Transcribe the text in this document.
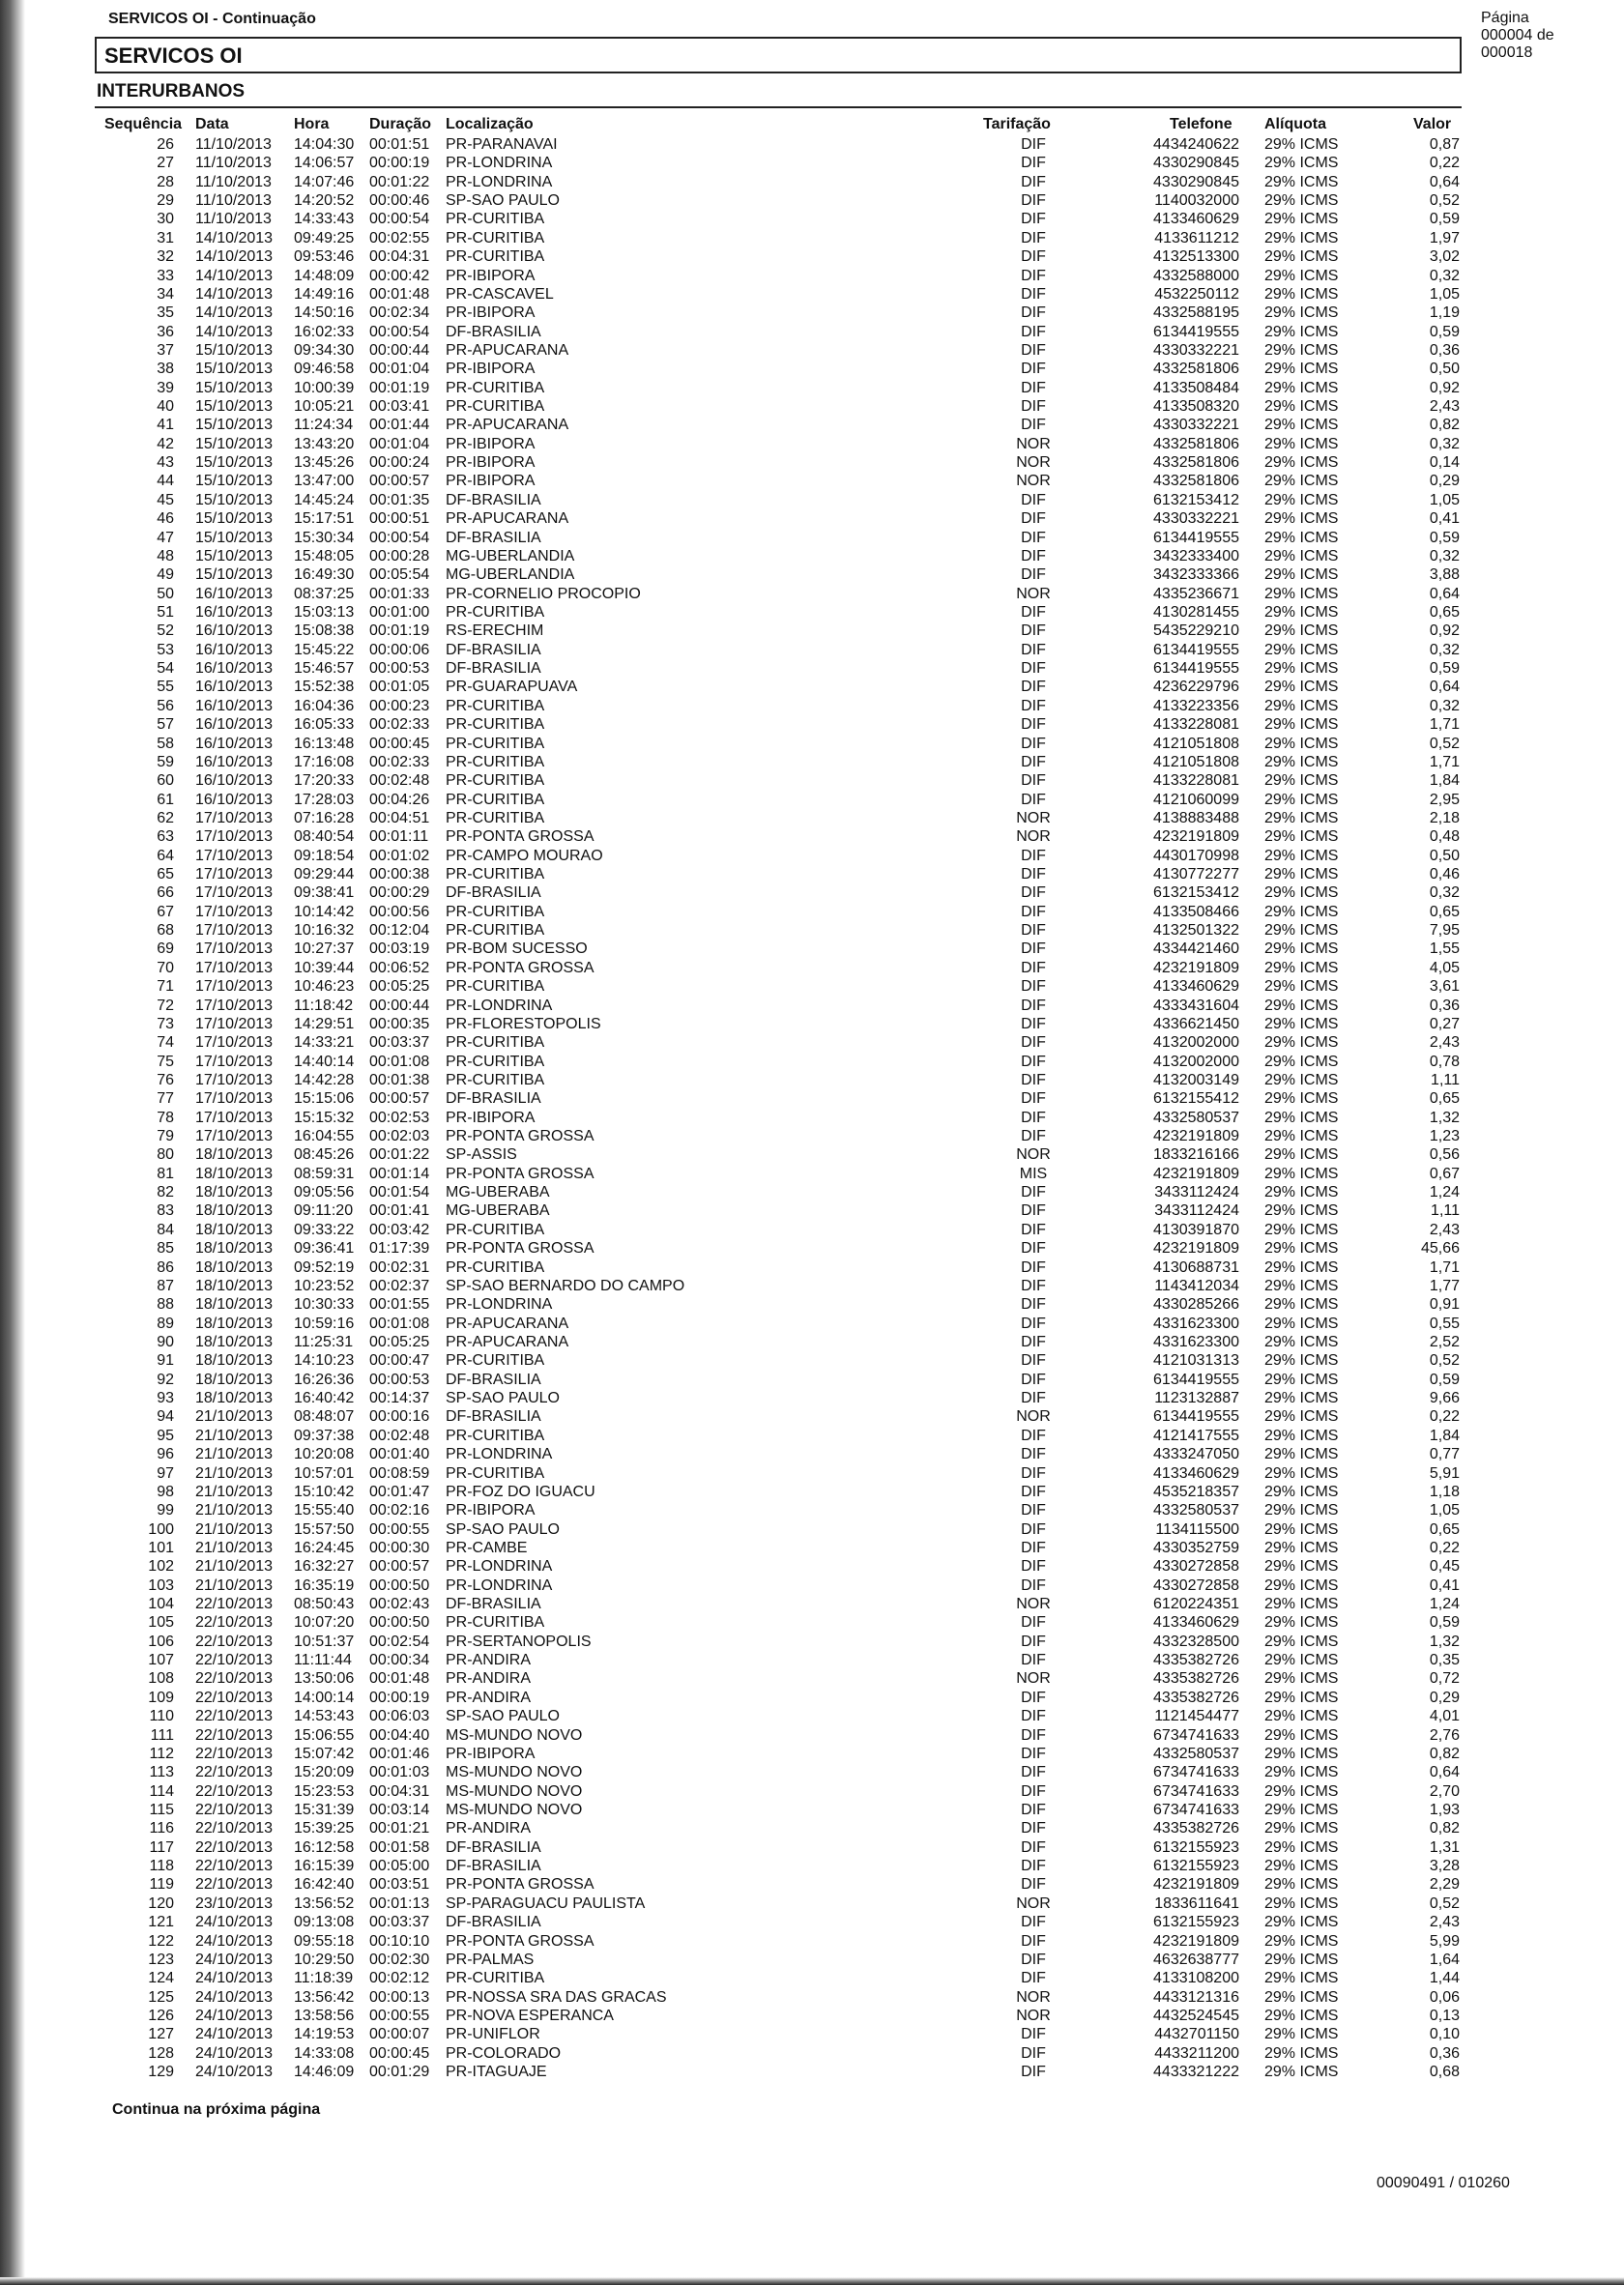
SERVICOS OI - Continuação
SERVICOS OI
Página
000004 de
000018
INTERURBANOS
Sequência Data	Hora	Duração Localização	Tarifação	Telefone Alíquota	Valor
26 11/10/2013 14:04:30 00:01:51 PR-PARANAVAI	DIF	4434240622 29% ICMS	0,87
27 11/10/2013 14:06:57 00:00:19 PR-LONDRINA	DIF	4330290845 29% ICMS	0,22
28 11/10/2013 14:07:46 00:01:22 PR-LONDRINA	DIF	4330290845 29% ICMS	0,64
29 11/10/2013 14:20:52 00:00:46 SP-SAO PAULO	DIF	1140032000 29% ICMS	0,52
30 11/10/2013 14:33:43 00:00:54 PR-CURITIBA	DIF	4133460629 29% ICMS	0,59
31 14/10/2013 09:49:25 00:02:55 PR-CURITIBA	DIF	4133611212 29% ICMS	1,97
32 14/10/2013 09:53:46 00:04:31 PR-CURITIBA	DIF	4132513300 29% ICMS	3,02
33 14/10/2013 14:48:09 00:00:42 PR-IBIPORA	DIF	4332588000 29% ICMS	0,32
34 14/10/2013 14:49:16 00:01:48 PR-CASCAVEL	DIF	4532250112 29% ICMS	1,05
35 14/10/2013 14:50:16 00:02:34 PR-IBIPORA	DIF	4332588195 29% ICMS	1,19
36 14/10/2013 16:02:33 00:00:54 DF-BRASILIA	DIF	6134419555 29% ICMS	0,59
37 15/10/2013 09:34:30 00:00:44 PR-APUCARANA	DIF	4330332221 29% ICMS	0,36
38 15/10/2013 09:46:58 00:01:04 PR-IBIPORA	DIF	4332581806 29% ICMS	0,50
39 15/10/2013 10:00:39 00:01:19 PR-CURITIBA	DIF	4133508484 29% ICMS	0,92
40 15/10/2013 10:05:21 00:03:41 PR-CURITIBA	DIF	4133508320 29% ICMS	2,43
41 15/10/2013 11:24:34 00:01:44 PR-APUCARANA	DIF	4330332221 29% ICMS	0,82
42 15/10/2013 13:43:20 00:01:04 PR-IBIPORA	NOR	4332581806 29% ICMS	0,32
43 15/10/2013 13:45:26 00:00:24 PR-IBIPORA	NOR	4332581806 29% ICMS	0,14
44 15/10/2013 13:47:00 00:00:57 PR-IBIPORA	NOR	4332581806 29% ICMS	0,29
45 15/10/2013 14:45:24 00:01:35 DF-BRASILIA	DIF	6132153412 29% ICMS	1,05
46 15/10/2013 15:17:51 00:00:51 PR-APUCARANA	DIF	4330332221 29% ICMS	0,41
47 15/10/2013 15:30:34 00:00:54 DF-BRASILIA	DIF	6134419555 29% ICMS	0,59
48 15/10/2013 15:48:05 00:00:28 MG-UBERLANDIA	DIF	3432333400 29% ICMS	0,32
49 15/10/2013 16:49:30 00:05:54 MG-UBERLANDIA	DIF	3432333366 29% ICMS	3,88
50 16/10/2013 08:37:25 00:01:33 PR-CORNELIO PROCOPIO	NOR	4335236671 29% ICMS	0,64
51 16/10/2013 15:03:13 00:01:00 PR-CURITIBA	DIF	4130281455 29% ICMS	0,65
52 16/10/2013 15:08:38 00:01:19 RS-ERECHIM	DIF	5435229210 29% ICMS	0,92
53 16/10/2013 15:45:22 00:00:06 DF-BRASILIA	DIF	6134419555 29% ICMS	0,32
54 16/10/2013 15:46:57 00:00:53 DF-BRASILIA	DIF	6134419555 29% ICMS	0,59
55 16/10/2013 15:52:38 00:01:05 PR-GUARAPUAVA	DIF	4236229796 29% ICMS	0,64
56 16/10/2013 16:04:36 00:00:23 PR-CURITIBA	DIF	4133223356 29% ICMS	0,32
57 16/10/2013 16:05:33 00:02:33 PR-CURITIBA	DIF	4133228081 29% ICMS	1,71
58 16/10/2013 16:13:48 00:00:45 PR-CURITIBA	DIF	4121051808 29% ICMS	0,52
59 16/10/2013 17:16:08 00:02:33 PR-CURITIBA	DIF	4121051808 29% ICMS	1,71
60 16/10/2013 17:20:33 00:02:48 PR-CURITIBA	DIF	4133228081 29% ICMS	1,84
61 16/10/2013 17:28:03 00:04:26 PR-CURITIBA	DIF	4121060099 29% ICMS	2,95
62 17/10/2013 07:16:28 00:04:51 PR-CURITIBA	NOR	4138883488 29% ICMS	2,18
63 17/10/2013 08:40:54 00:01:11 PR-PONTA GROSSA	NOR	4232191809 29% ICMS	0,48
64 17/10/2013 09:18:54 00:01:02 PR-CAMPO MOURAO	DIF	4430170998 29% ICMS	0,50
65 17/10/2013 09:29:44 00:00:38 PR-CURITIBA	DIF	4130772277 29% ICMS	0,46
66 17/10/2013 09:38:41 00:00:29 DF-BRASILIA	DIF	6132153412 29% ICMS	0,32
67 17/10/2013 10:14:42 00:00:56 PR-CURITIBA	DIF	4133508466 29% ICMS	0,65
68 17/10/2013 10:16:32 00:12:04 PR-CURITIBA	DIF	4132501322 29% ICMS	7,95
69 17/10/2013 10:27:37 00:03:19 PR-BOM SUCESSO	DIF	4334421460 29% ICMS	1,55
70 17/10/2013 10:39:44 00:06:52 PR-PONTA GROSSA	DIF	4232191809 29% ICMS	4,05
71 17/10/2013 10:46:23 00:05:25 PR-CURITIBA	DIF	4133460629 29% ICMS	3,61
72 17/10/2013 11:18:42 00:00:44 PR-LONDRINA	DIF	4333431604 29% ICMS	0,36
73 17/10/2013 14:29:51 00:00:35 PR-FLORESTOPOLIS	DIF	4336621450 29% ICMS	0,27
74 17/10/2013 14:33:21 00:03:37 PR-CURITIBA	DIF	4132002000 29% ICMS	2,43
75 17/10/2013 14:40:14 00:01:08 PR-CURITIBA	DIF	4132002000 29% ICMS	0,78
76 17/10/2013 14:42:28 00:01:38 PR-CURITIBA	DIF	4132003149 29% ICMS	1,11
77 17/10/2013 15:15:06 00:00:57 DF-BRASILIA	DIF	6132155412 29% ICMS	0,65
78 17/10/2013 15:15:32 00:02:53 PR-IBIPORA	DIF	4332580537 29% ICMS	1,32
79 17/10/2013 16:04:55 00:02:03 PR-PONTA GROSSA	DIF	4232191809 29% ICMS	1,23
80 18/10/2013 08:45:26 00:01:22 SP-ASSIS	NOR	1833216166 29% ICMS	0,56
81 18/10/2013 08:59:31 00:01:14 PR-PONTA GROSSA	MIS	4232191809 29% ICMS	0,67
82 18/10/2013 09:05:56 00:01:54 MG-UBERABA	DIF	3433112424 29% ICMS	1,24
83 18/10/2013 09:11:20 00:01:41 MG-UBERABA	DIF	3433112424 29% ICMS	1,11
84 18/10/2013 09:33:22 00:03:42 PR-CURITIBA	DIF	4130391870 29% ICMS	2,43
85 18/10/2013 09:36:41 01:17:39 PR-PONTA GROSSA	DIF	4232191809 29% ICMS	45,66
86 18/10/2013 09:52:19 00:02:31 PR-CURITIBA	DIF	4130688731 29% ICMS	1,71
87 18/10/2013 10:23:52 00:02:37 SP-SAO BERNARDO DO CAMPO	DIF	1143412034 29% ICMS	1,77
88 18/10/2013 10:30:33 00:01:55 PR-LONDRINA	DIF	4330285266 29% ICMS	0,91
89 18/10/2013 10:59:16 00:01:08 PR-APUCARANA	DIF	4331623300 29% ICMS	0,55
90 18/10/2013 11:25:31 00:05:25 PR-APUCARANA	DIF	4331623300 29% ICMS	2,52
91 18/10/2013 14:10:23 00:00:47 PR-CURITIBA	DIF	4121031313 29% ICMS	0,52
92 18/10/2013 16:26:36 00:00:53 DF-BRASILIA	DIF	6134419555 29% ICMS	0,59
93 18/10/2013 16:40:42 00:14:37 SP-SAO PAULO	DIF	1123132887 29% ICMS	9,66
94 21/10/2013 08:48:07 00:00:16 DF-BRASILIA	NOR	6134419555 29% ICMS	0,22
95 21/10/2013 09:37:38 00:02:48 PR-CURITIBA	DIF	4121417555 29% ICMS	1,84
96 21/10/2013 10:20:08 00:01:40 PR-LONDRINA	DIF	4333247050 29% ICMS	0,77
97 21/10/2013 10:57:01 00:08:59 PR-CURITIBA	DIF	4133460629 29% ICMS	5,91
98 21/10/2013 15:10:42 00:01:47 PR-FOZ DO IGUACU	DIF	4535218357 29% ICMS	1,18
99 21/10/2013 15:55:40 00:02:16 PR-IBIPORA	DIF	4332580537 29% ICMS	1,05
100 21/10/2013 15:57:50 00:00:55 SP-SAO PAULO	DIF	1134115500 29% ICMS	0,65
101 21/10/2013 16:24:45 00:00:30 PR-CAMBE	DIF	4330352759 29% ICMS	0,22
102 21/10/2013 16:32:27 00:00:57 PR-LONDRINA	DIF	4330272858 29% ICMS	0,45
103 21/10/2013 16:35:19 00:00:50 PR-LONDRINA	DIF	4330272858 29% ICMS	0,41
104 22/10/2013 08:50:43 00:02:43 DF-BRASILIA	NOR	6120224351 29% ICMS	1,24
105 22/10/2013 10:07:20 00:00:50 PR-CURITIBA	DIF	4133460629 29% ICMS	0,59
106 22/10/2013 10:51:37 00:02:54 PR-SERTANOPOLIS	DIF	4332328500 29% ICMS	1,32
107 22/10/2013 11:11:44 00:00:34 PR-ANDIRA	DIF	4335382726 29% ICMS	0,35
108 22/10/2013 13:50:06 00:01:48 PR-ANDIRA	NOR	4335382726 29% ICMS	0,72
109 22/10/2013 14:00:14 00:00:19 PR-ANDIRA	DIF	4335382726 29% ICMS	0,29
110 22/10/2013 14:53:43 00:06:03 SP-SAO PAULO	DIF	1121454477 29% ICMS	4,01
111 22/10/2013 15:06:55 00:04:40 MS-MUNDO NOVO	DIF	6734741633 29% ICMS	2,76
112 22/10/2013 15:07:42 00:01:46 PR-IBIPORA	DIF	4332580537 29% ICMS	0,82
113 22/10/2013 15:20:09 00:01:03 MS-MUNDO NOVO	DIF	6734741633 29% ICMS	0,64
114 22/10/2013 15:23:53 00:04:31 MS-MUNDO NOVO	DIF	6734741633 29% ICMS	2,70
115 22/10/2013 15:31:39 00:03:14 MS-MUNDO NOVO	DIF	6734741633 29% ICMS	1,93
116 22/10/2013 15:39:25 00:01:21 PR-ANDIRA	DIF	4335382726 29% ICMS	0,82
117 22/10/2013 16:12:58 00:01:58 DF-BRASILIA	DIF	6132155923 29% ICMS	1,31
118 22/10/2013 16:15:39 00:05:00 DF-BRASILIA	DIF	6132155923 29% ICMS	3,28
119 22/10/2013 16:42:40 00:03:51 PR-PONTA GROSSA	DIF	4232191809 29% ICMS	2,29
120 23/10/2013 13:56:52 00:01:13 SP-PARAGUACU PAULISTA	NOR	1833611641 29% ICMS	0,52
121 24/10/2013 09:13:08 00:03:37 DF-BRASILIA	DIF	6132155923 29% ICMS	2,43
122 24/10/2013 09:55:18 00:10:10 PR-PONTA GROSSA	DIF	4232191809 29% ICMS	5,99
123 24/10/2013 10:29:50 00:02:30 PR-PALMAS	DIF	4632638777 29% ICMS	1,64
124 24/10/2013 11:18:39 00:02:12 PR-CURITIBA	DIF	4133108200 29% ICMS	1,44
125 24/10/2013 13:56:42 00:00:13 PR-NOSSA SRA DAS GRACAS	NOR	4433121316 29% ICMS	0,06
126 24/10/2013 13:58:56 00:00:55 PR-NOVA ESPERANCA	NOR	4432524545 29% ICMS	0,13
127 24/10/2013 14:19:53 00:00:07 PR-UNIFLOR	DIF	4432701150 29% ICMS	0,10
128 24/10/2013 14:33:08 00:00:45 PR-COLORADO	DIF	4433211200 29% ICMS	0,36
129 24/10/2013 14:46:09 00:01:29 PR-ITAGUAJE	DIF	4433321222 29% ICMS	0,68
Continua na próxima página
00090491 / 010260
